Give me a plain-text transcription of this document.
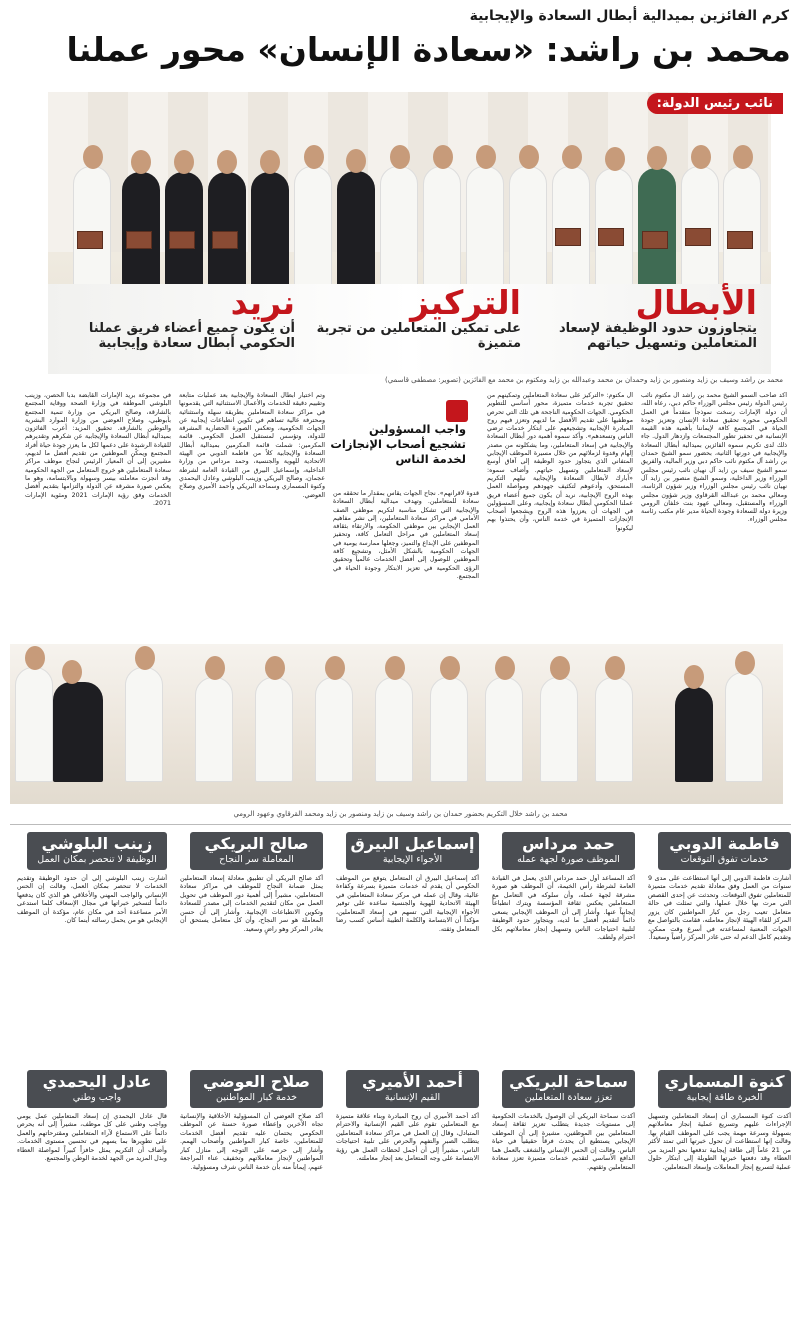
كرم الفائزين بميدالية أبطال السعادة والإيجابية
محمد بن راشد: «سعادة الإنسان» محور عملنا
الأبطال
يتجاوزون حدود الوظيفة لإسعاد المتعاملين وتسهيل حياتهم
التركيز
على تمكين المتعاملين من تجربة متميزة
نريد
أن يكون جميع أعضاء فريق عملنا الحكومي أبطال سعادة وإيجابية
نائب رئيس الدولة:
محمد بن راشد وسيف بن زايد ومنصور بن زايد وحمدان بن محمد وعبدالله بن زايد ومكتوم بن محمد مع الفائزين (تصوير: مصطفى قاسمي)
أكد صاحب السمو الشيخ محمد بن راشد آل مكتوم نائب رئيس الدولة رئيس مجلس الوزراء حاكم دبي، رعاه الله، أن دولة الإمارات رسخت نموذجاً متقدماً في العمل الحكومي محوره تحقيق سعادة الإنسان وتعزيز جودة الحياة في المجتمع كافة لإيماننا بأهمية هذه القيمة الإنسانية في تحفيز تطور المجتمعات وازدهار الدول. جاء ذلك لدى تكريم سموه الفائزين بميدالية أبطال السعادة والإيجابية في دورتها الثانية، بحضور سمو الشيخ حمدان بن راشد آل مكتوم نائب حاكم دبي وزير المالية، والفريق سمو الشيخ سيف بن زايد آل نهيان نائب رئيس مجلس الوزراء وزير الداخلية، وسمو الشيخ منصور بن زايد آل نهيان نائب رئيس مجلس الوزراء وزير شؤون الرئاسة، ومعالي محمد بن عبدالله القرقاوي وزير شؤون مجلس الوزراء والمستقبل، ومعالي عهود بنت خلفان الرومي وزيرة دولة للسعادة وجودة الحياة مدير عام مكتب رئاسة مجلس الوزراء.
آل مكتوم: «التركيز على سعادة المتعاملين وتمكينهم من تحقيق تجربة خدمات متميزة، محور أساسي للتطوير الحكومي. الجهات الحكومية الناجحة هي تلك التي تحرص موظفيها على تقديم الأفضل ما لديهم وتعزز فيهم روح المبادرة الإيجابية وتشجيعهم على ابتكار خدمات ترضي الناس وتسعدهم». وأكد سموه أهمية دور أبطال السعادة والإيجابية في إسعاد المتعاملين، وما يشكلونه من مصدر إلهام وقدوة لزملائهم من خلال مسيرة الموظف الإيجابي المتفاني الذي يتجاوز حدود الوظيفة إلى آفاق أوسع لإسعاد المتعاملين وتسهيل حياتهم. وأضاف سموه: «أبارك لأبطال السعادة والإيجابية نيلهم التكريم المستحق، وأدعوهم لتكثيف جهودهم ومواصلة العمل بهذه الروح الإيجابية، نريد أن يكون جميع أعضاء فريق عملنا الحكومي أبطال سعادة وإيجابية، وعلى المسؤولين في الجهات أن يعززوا هذه الروح ويشجعوا أصحاب الإنجازات المتميزة في خدمة الناس، وأن يحتذوا بهم ليكونوا
واجب المسؤولين تشجيع أصحاب الإنجازات لخدمة الناس
قدوة لأقرانهم». نجاح الجهات يقاس بمقدار ما تحققه من سعادة للمتعاملين. وتهدف ميدالية أبطال السعادة والإيجابية التي تشكل مناسبة لتكريم موظفي الصف الأمامي في مراكز سعادة المتعاملين، إلى نشر مفاهيم العمل الإيجابي بين موظفي الحكومة، والارتقاء بثقافة إسعاد المتعاملين في مراحل التعامل كافة، وتحفيز الموظفين على الإبداع والتميز، وجعلها ممارسة يومية في الجهات الحكومية بالشكل الأمثل، وتشجيع كافة الموظفين للوصول إلى أفضل الخدمات عالمياً وتحقيق الرؤى الحكومية في تعزيز الابتكار وجودة الحياة في المجتمع.
وتم اختيار أبطال السعادة والإيجابية بعد عمليات متابعة وتقييم دقيقة للخدمات والأعمال الاستثنائية التي يقدمونها في مراكز سعادة المتعاملين بطريقة سهلة واستثنائية ومحترفة عالية تساهم في تكوين انطباعات إيجابية عن الجهات الحكومية، وتعكس الصورة الحضارية المشرقة للدولة، وتؤسس لمستقبل العمل الحكومي. قائمة المكرمين: شملت قائمة المكرمين بميدالية أبطال السعادة والإيجابية كلاً من فاطمة الدوبي من الهيئة الاتحادية للهوية والجنسية، وحمد مرداس من وزارة الداخلية، وإسماعيل البيرق من القيادة العامة لشرطة عجمان، وصالح البريكي وزينب البلوشي وعادل اليحمدي وكنوة المسماري وسماحة البريكي وأحمد الأميري وصلاح العوضي.
في مجموعة بريد الإمارات القابضة بدبا الحصن، وزينب البلوشي الموظفة في وزارة الصحة ووقاية المجتمع بالشارقة، وصالح البريكي من وزارة تنمية المجتمع بأبوظبي، وصلاح العوضي من وزارة الموارد البشرية والتوطين بالشارقة. تحقيق المزيد: أعرب الفائزون بميدالية أبطال السعادة والإيجابية عن شكرهم وتقديرهم للقيادة الرشيدة على دعمها لكل ما يعزز جودة حياة أفراد المجتمع ويمكّن الموظفين من تقديم أفضل ما لديهم، مشيرين إلى أن المعيار الرئيس لنجاح موظف مراكز سعادة المتعاملين هو خروج المتعامل من الجهة الحكومية وقد أنجزت معاملته بيسر وسهولة وبالابتسامة، وهو ما يعكس صورة مشرقة عن الدولة والتزامها بتقديم أفضل الخدمات وفق رؤية الإمارات 2021 ومئوية الإمارات 2071.
محمد بن راشد خلال التكريم بحضور حمدان بن راشد وسيف بن زايد ومنصور بن زايد ومحمد القرقاوي وعهود الرومي
فاطمة الدوبي
خدمات تفوق التوقعات
أشارت فاطمة الدوبي إلى أنها استطاعت على مدى 9 سنوات من العمل وفق معادلة تقديم خدمات متميزة للمتعاملين تفوق التوقعات. وتحدثت عن إحدى القصص التي مرت بها خلال عملها، والتي تمثلت في حالة متعامل تعيب رجل من كبار المواطنين كان يزور المركز للقاء الهيئة لإنجاز معاملته، فقامت بالتواصل مع الجهات المعنية لمساعدته في أسرع وقت ممكن، وتقديم كامل الدعم له حتى غادر المركز راضياً وسعيداً.
حمد مرداس
الموظف صورة لجهة عمله
أكد المساعد أول حمد مرداس الذي يعمل في القيادة العامة لشرطة رأس الخيمة، أن الموظف هو صورة مشرقة لجهة عمله، وأن سلوكه في التعامل مع المتعاملين يعكس ثقافة المؤسسة ويترك انطباعاً إيجابياً عنها. وأشار إلى أن الموظف الإيجابي يسعى دائماً لتقديم أفضل ما لديه، ويتجاوز حدود الوظيفة لتلبية احتياجات الناس وتسهيل إنجاز معاملاتهم بكل احترام ولطف.
إسماعيل البيرق
الأجواء الإيجابية
أكد إسماعيل البيرق أن المتعامل يتوقع من الموظف الحكومي أن يقدم له خدمات متميزة بسرعة وكفاءة عالية، وقال إن عمله في مركز سعادة المتعاملين في الهيئة الاتحادية للهوية والجنسية ساعده على توفير الأجواء الإيجابية التي تسهم في إسعاد المتعاملين، مؤكداً أن الابتسامة والكلمة الطيبة أساس كسب رضا المتعامل وثقته.
صالح البريكي
المعاملة سر النجاح
أكد صالح البريكي أن تطبيق معادلة إسعاد المتعاملين يمثل ضمانة النجاح للموظف في مراكز سعادة المتعاملين، مشيراً إلى أهمية دور الموظف في تحويل العمل من مكان لتقديم الخدمات إلى مصدر للسعادة وتكوين الانطباعات الإيجابية. وأشار إلى أن حسن المعاملة هو سر النجاح، وأن كل متعامل يستحق أن يغادر المركز وهو راضٍ وسعيد.
زينب البلوشي
الوظيفة لا تنحصر بمكان العمل
أشارت زينب البلوشي إلى أن حدود الوظيفة وتقديم الخدمات لا تنحصر بمكان العمل، وقالت إن الحس الإنساني والواجب المهني والأخلاقي هو الذي كان يدفعها دائماً لتسخير خبراتها في مجال الإسعاف كلما استدعى الأمر مساعدة أحد في مكان عام، مؤكدة أن الموظف الإيجابي هو من يحمل رسالته أينما كان.
كنوة المسماري
الخبرة طاقة إيجابية
أكدت كنوة المسماري أن إسعاد المتعاملين وتسهيل الإجراءات عليهم وتسريع عملية إنجاز معاملاتهم بسهولة وسرعة مهمة يجب على الموظف القيام بها. وقالت إنها استطاعت أن تحول خبرتها التي تمتد لأكثر من 21 عاماً إلى طاقة إيجابية تدفعها نحو المزيد من العطاء وقد دفعتها خبرتها الطويلة إلى ابتكار حلول عملية لتسريع إنجاز المعاملات وإسعاد المتعاملين.
سماحة البريكي
تعزز سعادة المتعاملين
أكدت سماحة البريكي أن الوصول بالخدمات الحكومية إلى مستويات جديدة يتطلب تعزيز ثقافة إسعاد المتعاملين بين الموظفين، مشيرة إلى أن الموظف الإيجابي يستطيع أن يحدث فرقاً حقيقياً في حياة الناس. وقالت إن الحس الإنساني والشغف بالعمل هما الدافع الأساسي لتقديم خدمات متميزة تعزز سعادة المتعاملين وثقتهم.
أحمد الأميري
القيم الإنسانية
أكد أحمد الأميري أن روح المبادرة وبناء علاقة متميزة مع المتعاملين تقوم على القيم الإنسانية والاحترام المتبادل، وقال إن العمل في مراكز سعادة المتعاملين يتطلب الصبر والتفهم والحرص على تلبية احتياجات الناس، مشيراً إلى أن أجمل لحظات العمل هي رؤية الابتسامة على وجه المتعامل بعد إنجاز معاملته.
صلاح العوضي
خدمة كبار المواطنين
أكد صلاح العوضي أن المسؤولية الأخلاقية والإنسانية تجاه الآخرين وإعطاء صورة حسنة عن الموظف الحكومي يحتمان عليه تقديم أفضل الخدمات للمتعاملين، خاصة كبار المواطنين وأصحاب الهمم. وأشار إلى حرصه على التوجه إلى منازل كبار المواطنين لإنجاز معاملاتهم وتخفيف عناء المراجعة عنهم، إيماناً منه بأن خدمة الناس شرف ومسؤولية.
عادل اليحمدي
واجب وطني
قال عادل اليحمدي إن إسعاد المتعاملين عمل يومي وواجب وطني على كل موظف، مشيراً إلى أنه يحرص دائماً على الاستماع لآراء المتعاملين ومقترحاتهم والعمل على تطويرها بما يسهم في تحسين مستوى الخدمات. وأضاف أن التكريم يمثل حافزاً كبيراً لمواصلة العطاء وبذل المزيد من الجهد لخدمة الوطن والمجتمع.
